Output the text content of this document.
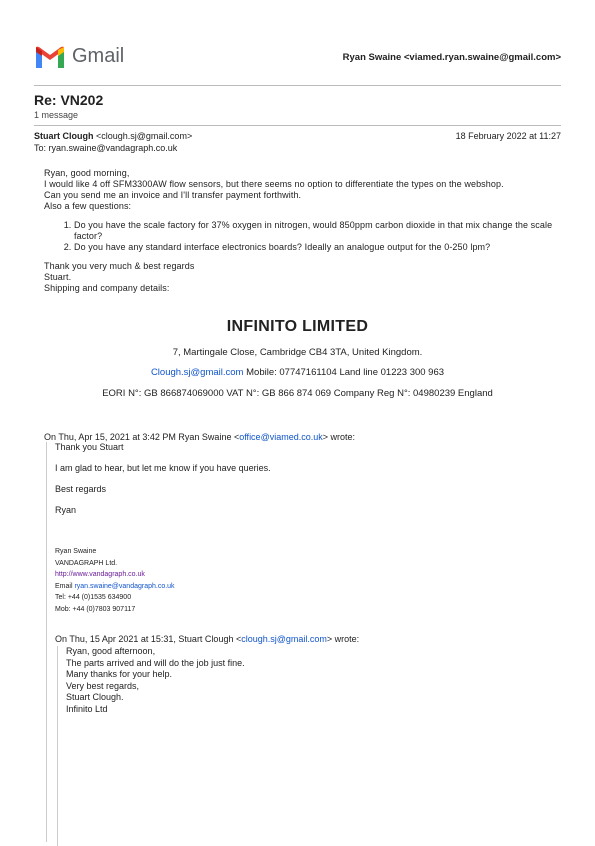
Gmail	Ryan Swaine <viamed.ryan.swaine@gmail.com>
Re: VN202
1 message
Stuart Clough <clough.sj@gmail.com>	18 February 2022 at 11:27
To: ryan.swaine@vandagraph.co.uk

Ryan, good morning,

I would like 4 off SFM3300AW flow sensors, but there seems no option to differentiate the types on the webshop.

Can you send me an invoice and I'll transfer payment forthwith.

Also a few questions:

1. Do you have the scale factory for 37% oxygen in nitrogen, would 850ppm carbon dioxide in that mix change the scale factor?
2. Do you have any standard interface electronics boards? Ideally an analogue output for the 0-250 lpm?

Thank you very much & best regards

Stuart.

Shipping and company details:

INFINITO LIMITED
7, Martingale Close, Cambridge CB4 3TA, United Kingdom.
Clough.sj@gmail.com Mobile: 07747161104 Land line 01223 300 963
EORI N°: GB 866874069000 VAT N°: GB 866 874 069 Company Reg N°: 04980239 England
On Thu, Apr 15, 2021 at 3:42 PM Ryan Swaine <office@viamed.co.uk> wrote:

Thank you Stuart

I am glad to hear, but let me know if you have queries.

Best regards

Ryan

Ryan Swaine
VANDAGRAPH Ltd.
http://www.vandagraph.co.uk
Email ryan.swaine@vandagraph.co.uk
Tel: +44 (0)1535 634900
Mob: +44 (0)7803 907117
On Thu, 15 Apr 2021 at 15:31, Stuart Clough <clough.sj@gmail.com> wrote:

Ryan, good afternoon,

The parts arrived and will do the job just fine.

Many thanks for your help.

Very best regards,

Stuart Clough.

Infinito Ltd
